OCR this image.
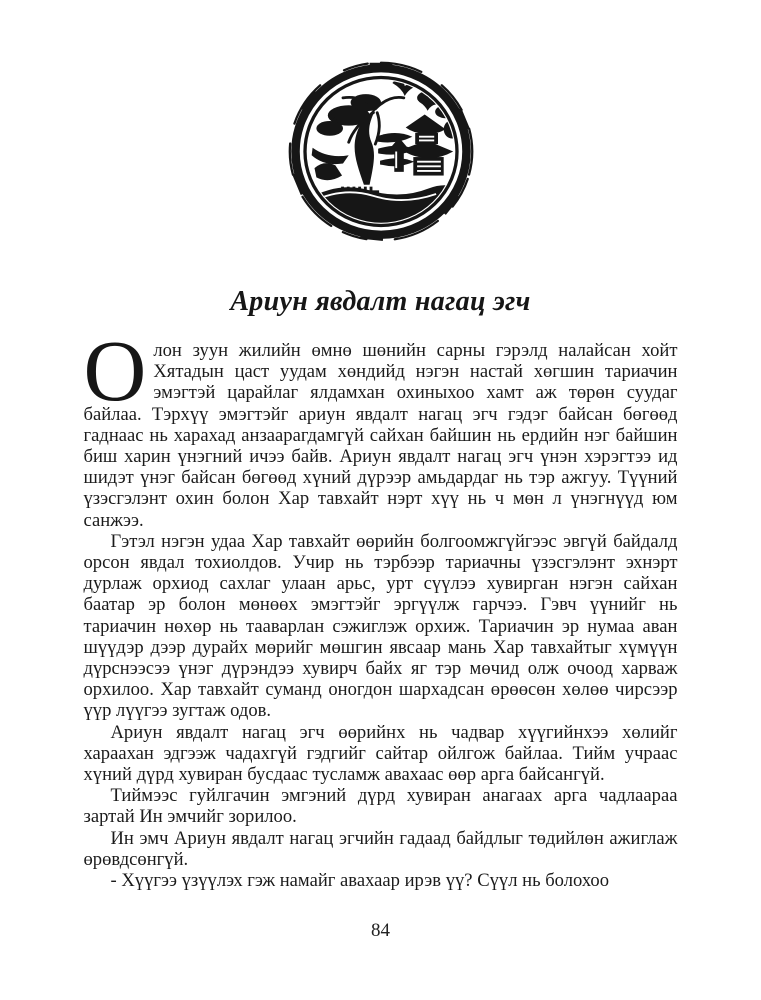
Ариун явдалт нагац эгч

Олон зуун жилийн өмнө шөнийн сарны гэрэлд налайсан хойт Хятадын цаст уудам хөндийд нэгэн настай хөгшин тариачин эмэгтэй царайлаг ялдамхан охиныхоо хамт аж төрөн суудаг байлаа. Тэрхүү эмэгтэйг ариун явдалт нагац эгч гэдэг байсан бөгөөд гаднаас нь харахад анзаарагдамгүй сайхан байшин нь ердийн нэг байшин биш харин үнэгний ичээ байв. Ариун явдалт нагац эгч үнэн хэрэгтээ ид шидэт үнэг байсан бөгөөд хүний дүрээр амьдардаг нь тэр ажгуу. Түүний үзэсгэлэнт охин болон Хар тавхайт нэрт хүү нь ч мөн л үнэгнүүд юм санжээ.

Гэтэл нэгэн удаа Хар тавхайт өөрийн болгоомжгүйгээс эвгүй байдалд орсон явдал тохиолдов. Учир нь тэрбээр тариачны үзэсгэлэнт эхнэрт дурлаж орхиод сахлаг улаан арьс, урт сүүлээ хувирган нэгэн сайхан баатар эр болон мөнөөх эмэгтэйг эргүүлж гарчээ. Гэвч үүнийг нь тариачин нөхөр нь тааварлан сэжиглэж орхиж. Тариачин эр нумаа аван шүүдэр дээр дурайх мөрийг мөшгин явсаар мань Хар тавхайтыг хүмүүн дүрснээсээ үнэг дүрэндээ хувирч байх яг тэр мөчид олж очоод харваж орхилоо. Хар тавхайт суманд оногдон шархадсан өрөөсөн хөлөө чирсээр үүр лүүгээ зугтаж одов.

Ариун явдалт нагац эгч өөрийнх нь чадвар хүүгийнхээ хөлийг хараахан эдгээж чадахгүй гэдгийг сайтар ойлгож байлаа. Тийм учраас хүний дүрд хувиран бусдаас тусламж авахаас өөр арга байсангүй.

Тиймээс гуйлгачин эмгэний дүрд хувиран анагаах арга чадлаараа зартай Ин эмчийг зорилоо.

Ин эмч Ариун явдалт нагац эгчийн гадаад байдлыг төдийлөн ажиглаж өрөвдсөнгүй.

- Хүүгээ үзүүлэх гэж намайг авахаар ирэв үү? Сүүл нь болохоо

84
